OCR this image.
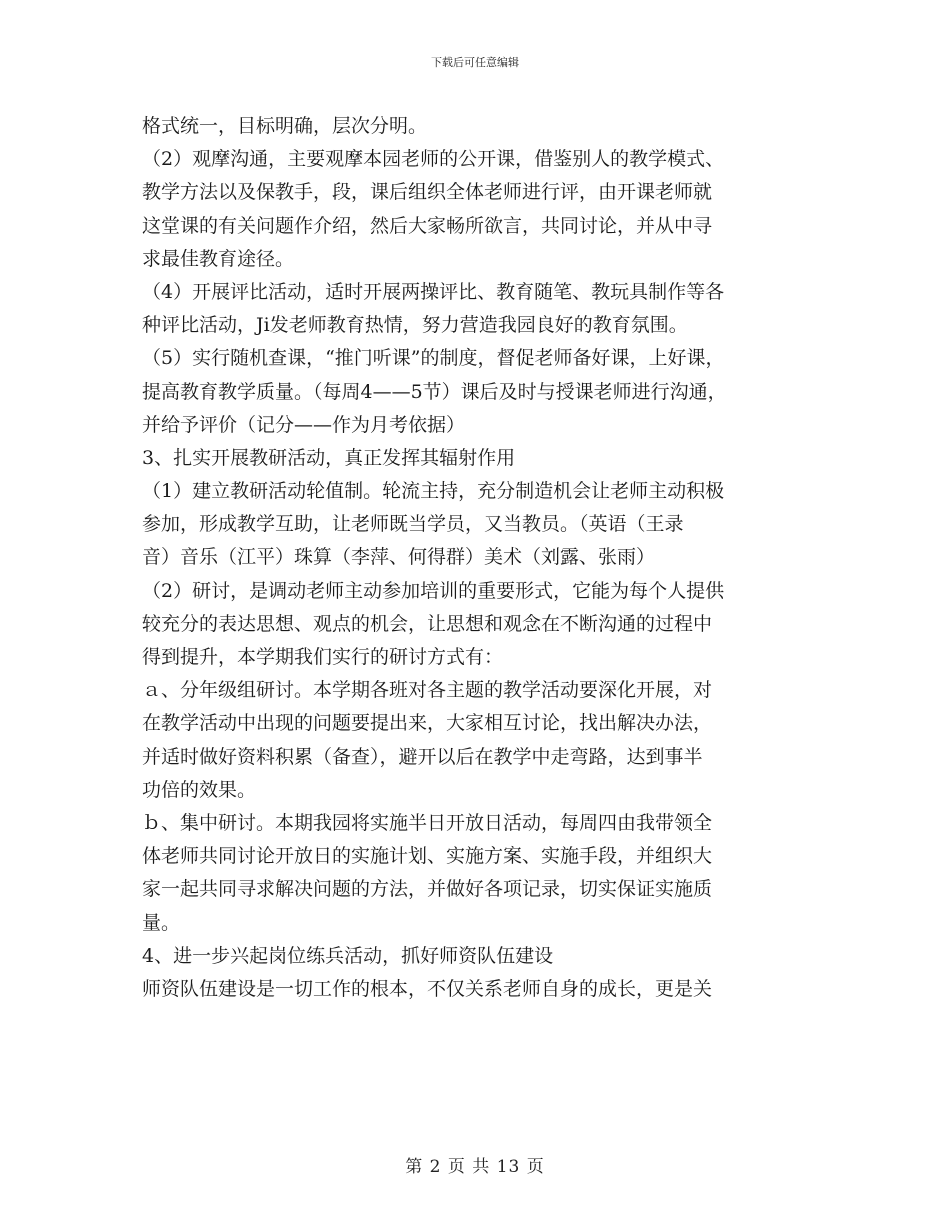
下载后可任意编辑
格式统一，目标明确，层次分明。
（2）观摩沟通，主要观摩本园老师的公开课，借鉴别人的教学模式、
教学方法以及保教手，段，课后组织全体老师进行评，由开课老师就
这堂课的有关问题作介绍，然后大家畅所欲言，共同讨论，并从中寻
求最佳教育途径。
（4）开展评比活动，适时开展两操评比、教育随笔、教玩具制作等各
种评比活动，Ji发老师教育热情，努力营造我园良好的教育氛围。
（5）实行随机查课，“推门听课”的制度，督促老师备好课，上好课，
提高教育教学质量。（每周4——5节）课后及时与授课老师进行沟通，
并给予评价（记分——作为月考依据）
3、扎实开展教研活动，真正发挥其辐射作用
（1）建立教研活动轮值制。轮流主持，充分制造机会让老师主动积极
参加，形成教学互助，让老师既当学员，又当教员。（英语（王录
音）音乐（江平）珠算（李萍、何得群）美术（刘露、张雨）
（2）研讨，是调动老师主动参加培训的重要形式，它能为每个人提供
较充分的表达思想、观点的机会，让思想和观念在不断沟通的过程中
得到提升，本学期我们实行的研讨方式有：
ａ、分年级组研讨。本学期各班对各主题的教学活动要深化开展，对
在教学活动中出现的问题要提出来，大家相互讨论，找出解决办法，
并适时做好资料积累（备查），避开以后在教学中走弯路，达到事半
功倍的效果。
ｂ、集中研讨。本期我园将实施半日开放日活动，每周四由我带领全
体老师共同讨论开放日的实施计划、实施方案、实施手段，并组织大
家一起共同寻求解决问题的方法，并做好各项记录，切实保证实施质
量。
4、进一步兴起岗位练兵活动，抓好师资队伍建设
师资队伍建设是一切工作的根本，不仅关系老师自身的成长，更是关
第 2 页 共 13 页
